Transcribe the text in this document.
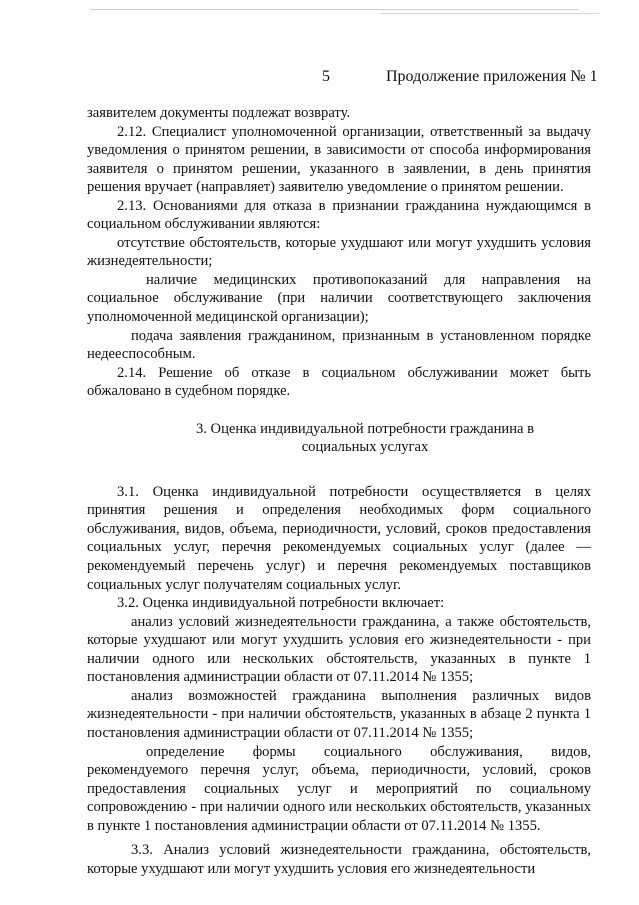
5	Продолжение приложения № 1

заявителем документы подлежат возврату.

2.12. Специалист уполномоченной организации, ответственный за выдачу уведомления о принятом решении, в зависимости от способа информирования заявителя о принятом решении, указанного в заявлении, в день принятия решения вручает (направляет) заявителю уведомление о принятом решении.

2.13. Основаниями для отказа в признании гражданина нуждающимся в социальном обслуживании являются:

отсутствие обстоятельств, которые ухудшают или могут ухудшить условия жизнедеятельности;

наличие медицинских противопоказаний для направления на социальное обслуживание (при наличии соответствующего заключения уполномоченной медицинской организации);

подача заявления гражданином, признанным в установленном порядке недееспособным.

2.14. Решение об отказе в социальном обслуживании может быть обжаловано в судебном порядке.

3. Оценка индивидуальной потребности гражданина в социальных услугах

3.1. Оценка индивидуальной потребности осуществляется в целях принятия решения и определения необходимых форм социального обслуживания, видов, объема, периодичности, условий, сроков предоставления социальных услуг, перечня рекомендуемых социальных услуг (далее — рекомендуемый перечень услуг) и перечня рекомендуемых поставщиков социальных услуг получателям социальных услуг.

3.2. Оценка индивидуальной потребности включает:

анализ условий жизнедеятельности гражданина, а также обстоятельств, которые ухудшают или могут ухудшить условия его жизнедеятельности - при наличии одного или нескольких обстоятельств, указанных в пункте 1 постановления администрации области от 07.11.2014 № 1355;

анализ возможностей гражданина выполнения различных видов жизнедеятельности - при наличии обстоятельств, указанных в абзаце 2 пункта 1 постановления администрации области от 07.11.2014 № 1355;

определение формы социального обслуживания, видов, рекомендуемого перечня услуг, объема, периодичности, условий, сроков предоставления социальных услуг и мероприятий по социальному сопровождению - при наличии одного или нескольких обстоятельств, указанных в пункте 1 постановления администрации области от 07.11.2014 № 1355.

3.3. Анализ условий жизнедеятельности гражданина, обстоятельств, которые ухудшают или могут ухудшить условия его жизнедеятельности
